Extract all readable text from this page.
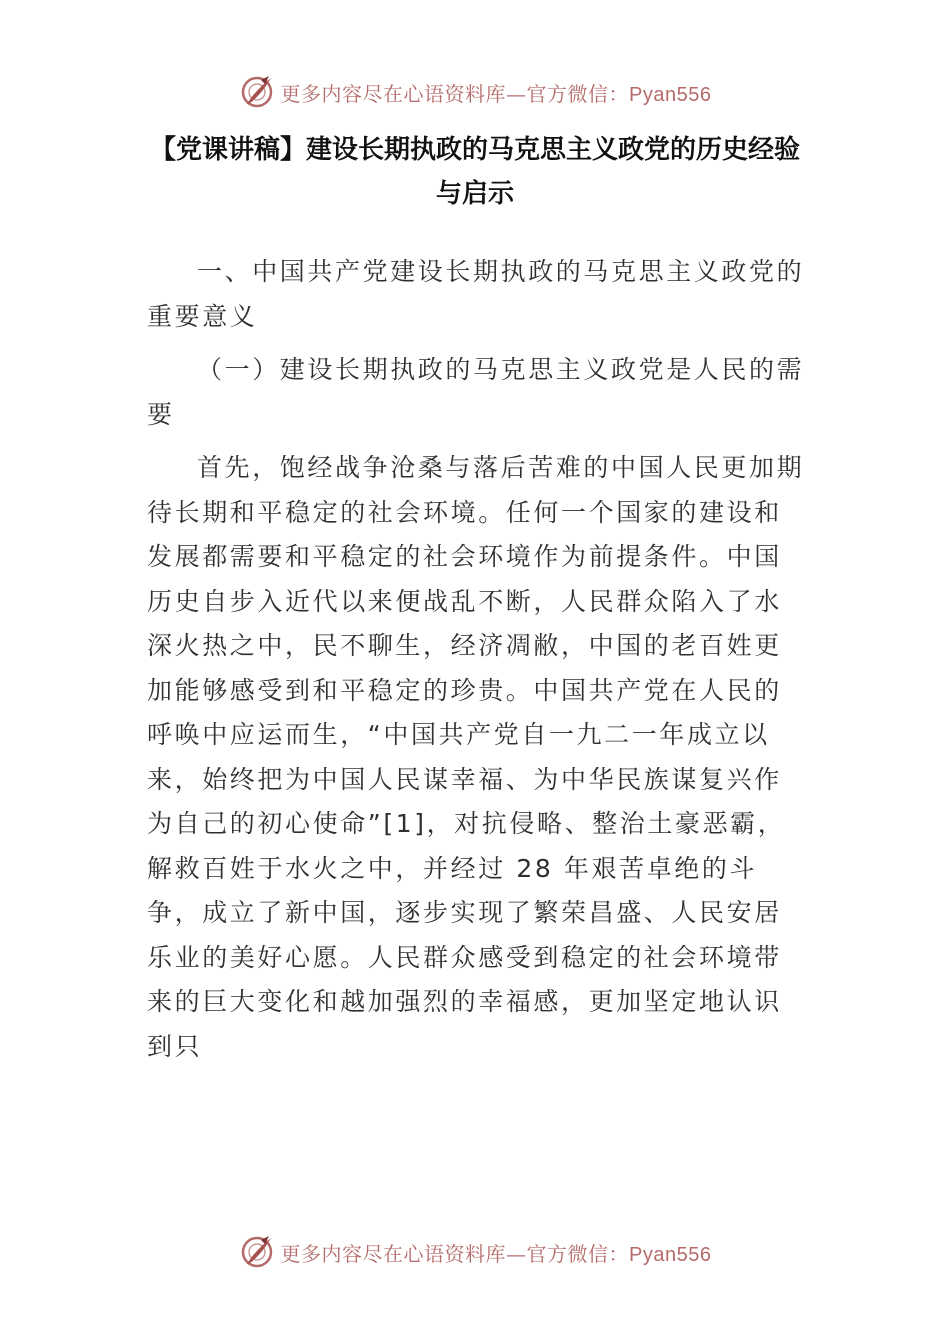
更多内容尽在心语资料库—官方微信：Pyan556
【党课讲稿】建设长期执政的马克思主义政党的历史经验与启示

一、中国共产党建设长期执政的马克思主义政党的重要意义

（一）建设长期执政的马克思主义政党是人民的需要

首先，饱经战争沧桑与落后苦难的中国人民更加期待长期和平稳定的社会环境。任何一个国家的建设和发展都需要和平稳定的社会环境作为前提条件。中国历史自步入近代以来便战乱不断，人民群众陷入了水深火热之中，民不聊生，经济凋敝，中国的老百姓更加能够感受到和平稳定的珍贵。中国共产党在人民的呼唤中应运而生，“中国共产党自一九二一年成立以来，始终把为中国人民谋幸福、为中华民族谋复兴作为自己的初心使命”[1]，对抗侵略、整治土豪恶霸，解救百姓于水火之中，并经过 28 年艰苦卓绝的斗争，成立了新中国，逐步实现了繁荣昌盛、人民安居乐业的美好心愿。人民群众感受到稳定的社会环境带来的巨大变化和越加强烈的幸福感，更加坚定地认识到只

更多内容尽在心语资料库—官方微信：Pyan556
